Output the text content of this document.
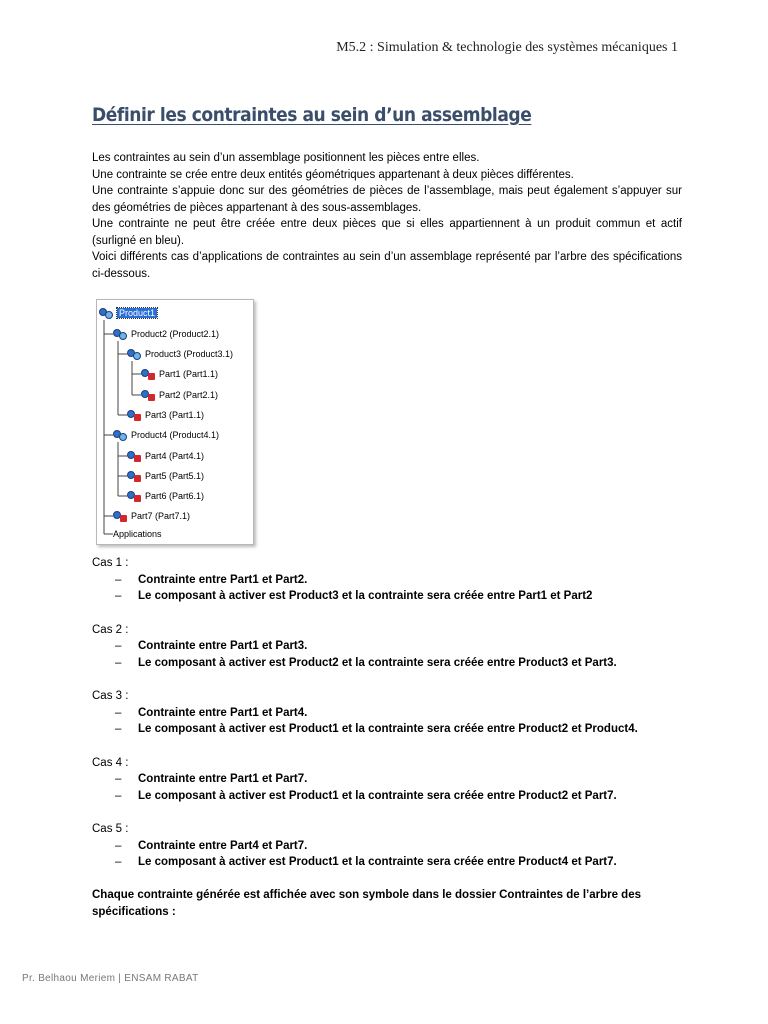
M5.2 : Simulation & technologie des systèmes mécaniques 1
Définir les contraintes au sein d’un assemblage

Les contraintes au sein d’un assemblage positionnent les pièces entre elles.

Une contrainte se crée entre deux entités géométriques appartenant à deux pièces différentes.

Une contrainte s’appuie donc sur des géométries de pièces de l’assemblage, mais peut également s’appuyer sur des géométries de pièces appartenant à des sous-assemblages.

Une contrainte ne peut être créée entre deux pièces que si elles appartiennent à un produit commun et actif (surligné en bleu).

Voici différents cas d’applications de contraintes au sein d’un assemblage représenté par l’arbre des spécifications ci-dessous.

Product1
Product2 (Product2.1)
Product3 (Product3.1)
Part1 (Part1.1)
Part2 (Part2.1)
Part3 (Part1.1)
Product4 (Product4.1)
Part4 (Part4.1)
Part5 (Part5.1)
Part6 (Part6.1)
Part7 (Part7.1)
Applications
Cas 1 :
– Contrainte entre Part1 et Part2.
– Le composant à activer est Product3 et la contrainte sera créée entre Part1 et Part2
Cas 2 :
– Contrainte entre Part1 et Part3.
– Le composant à activer est Product2 et la contrainte sera créée entre Product3 et Part3.
Cas 3 :
– Contrainte entre Part1 et Part4.
– Le composant à activer est Product1 et la contrainte sera créée entre Product2 et Product4.
Cas 4 :
– Contrainte entre Part1 et Part7.
– Le composant à activer est Product1 et la contrainte sera créée entre Product2 et Part7.
Cas 5 :
– Contrainte entre Part4 et Part7.
– Le composant à activer est Product1 et la contrainte sera créée entre Product4 et Part7.
Chaque contrainte générée est affichée avec son symbole dans le dossier Contraintes de l’arbre des spécifications :
Pr. Belhaou Meriem | ENSAM RABAT
